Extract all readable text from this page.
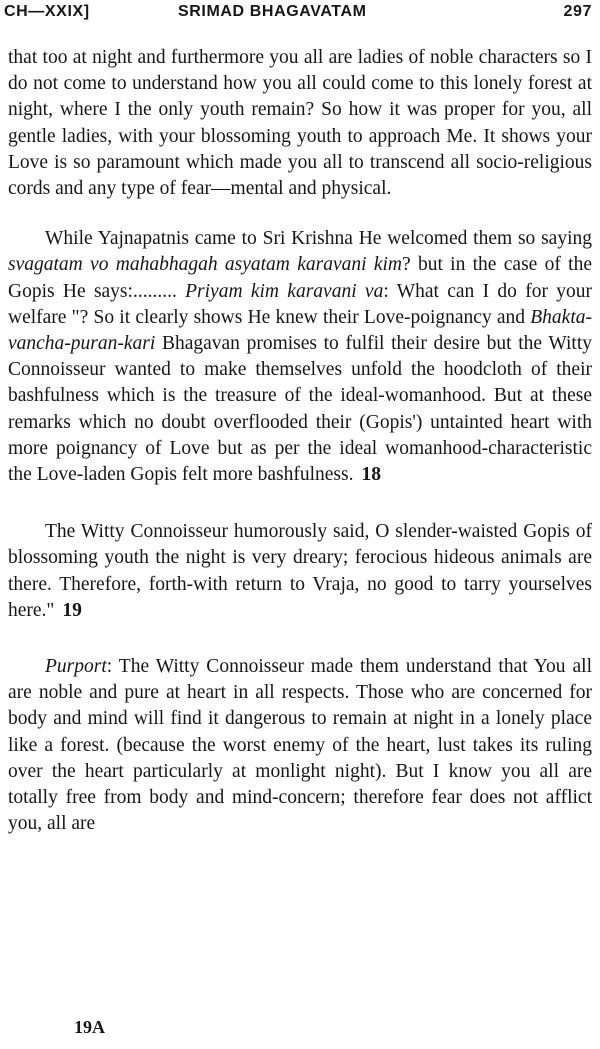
CH—XXIX]	SRIMAD BHAGAVATAM	297

that too at night and furthermore you all are ladies of noble characters so I do not come to understand how you all could come to this lonely forest at night, where I the only youth remain? So how it was proper for you, all gentle ladies, with your blossoming youth to approach Me. It shows your Love is so paramount which made you all to transcend all socio-religious cords and any type of fear—mental and physical.

While Yajnapatnis came to Sri Krishna He welcomed them so saying svagatam vo mahabhagah asyatam karavani kim? but in the case of the Gopis He says:......... Priyam kim karavani va: What can I do for your welfare "? So it clearly shows He knew their Love-poignancy and Bhakta-vancha-puran-kari Bhagavan promises to fulfil their desire but the Witty Connoisseur wanted to make themselves unfold the hoodcloth of their bashfulness which is the treasure of the ideal-womanhood. But at these remarks which no doubt overflooded their (Gopis') untainted heart with more poignancy of Love but as per the ideal womanhood-characteristic the Love-laden Gopis felt more bashfulness. 18

The Witty Connoisseur humorously said, O slender-waisted Gopis of blossoming youth the night is very dreary; ferocious hideous animals are there. Therefore, forth-with return to Vraja, no good to tarry yourselves here." 19

Purport: The Witty Connoisseur made them understand that You all are noble and pure at heart in all respects. Those who are concerned for body and mind will find it dangerous to remain at night in a lonely place like a forest. (because the worst enemy of the heart, lust takes its ruling over the heart particularly at monlight night). But I know you all are totally free from body and mind-concern; therefore fear does not afflict you, all are

19A
